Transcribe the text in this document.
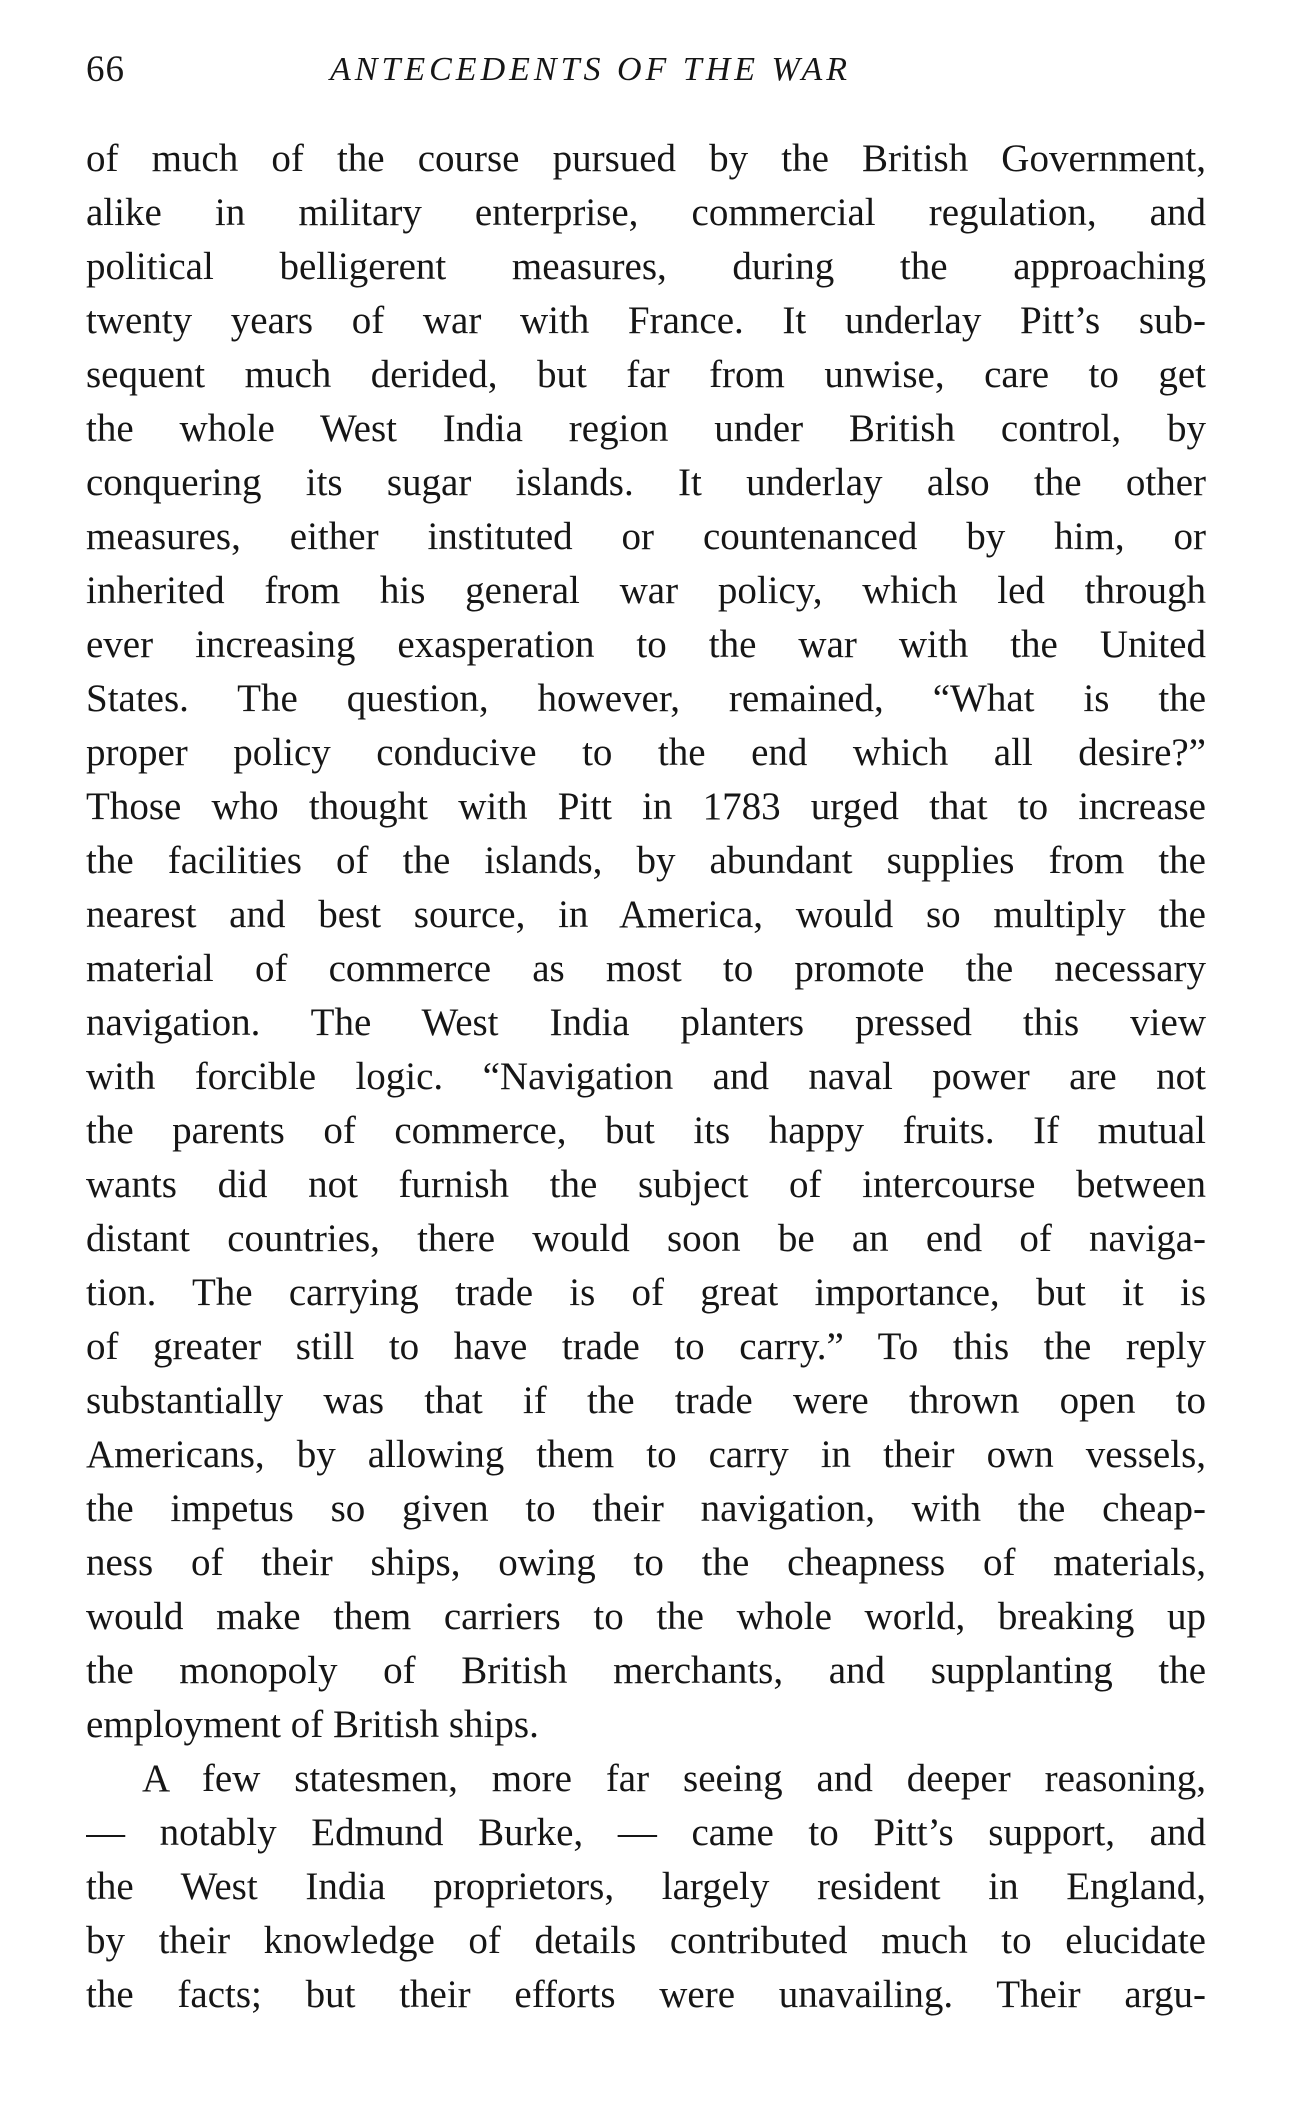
66	ANTECEDENTS OF THE WAR
of much of the course pursued by the British Government,
alike in military enterprise, commercial regulation, and
political belligerent measures, during the approaching
twenty years of war with France. It underlay Pitt’s sub-
sequent much derided, but far from unwise, care to get
the whole West India region under British control, by
conquering its sugar islands. It underlay also the other
measures, either instituted or countenanced by him, or
inherited from his general war policy, which led through
ever increasing exasperation to the war with the United
States. The question, however, remained, “What is the
proper policy conducive to the end which all desire?”
Those who thought with Pitt in 1783 urged that to increase
the facilities of the islands, by abundant supplies from the
nearest and best source, in America, would so multiply the
material of commerce as most to promote the necessary
navigation. The West India planters pressed this view
with forcible logic. “Navigation and naval power are not
the parents of commerce, but its happy fruits. If mutual
wants did not furnish the subject of intercourse between
distant countries, there would soon be an end of naviga-
tion. The carrying trade is of great importance, but it is
of greater still to have trade to carry.” To this the reply
substantially was that if the trade were thrown open to
Americans, by allowing them to carry in their own vessels,
the impetus so given to their navigation, with the cheap-
ness of their ships, owing to the cheapness of materials,
would make them carriers to the whole world, breaking up
the monopoly of British merchants, and supplanting the
employment of British ships.
A few statesmen, more far seeing and deeper reasoning,
— notably Edmund Burke, — came to Pitt’s support, and
the West India proprietors, largely resident in England,
by their knowledge of details contributed much to elucidate
the facts; but their efforts were unavailing. Their argu-
